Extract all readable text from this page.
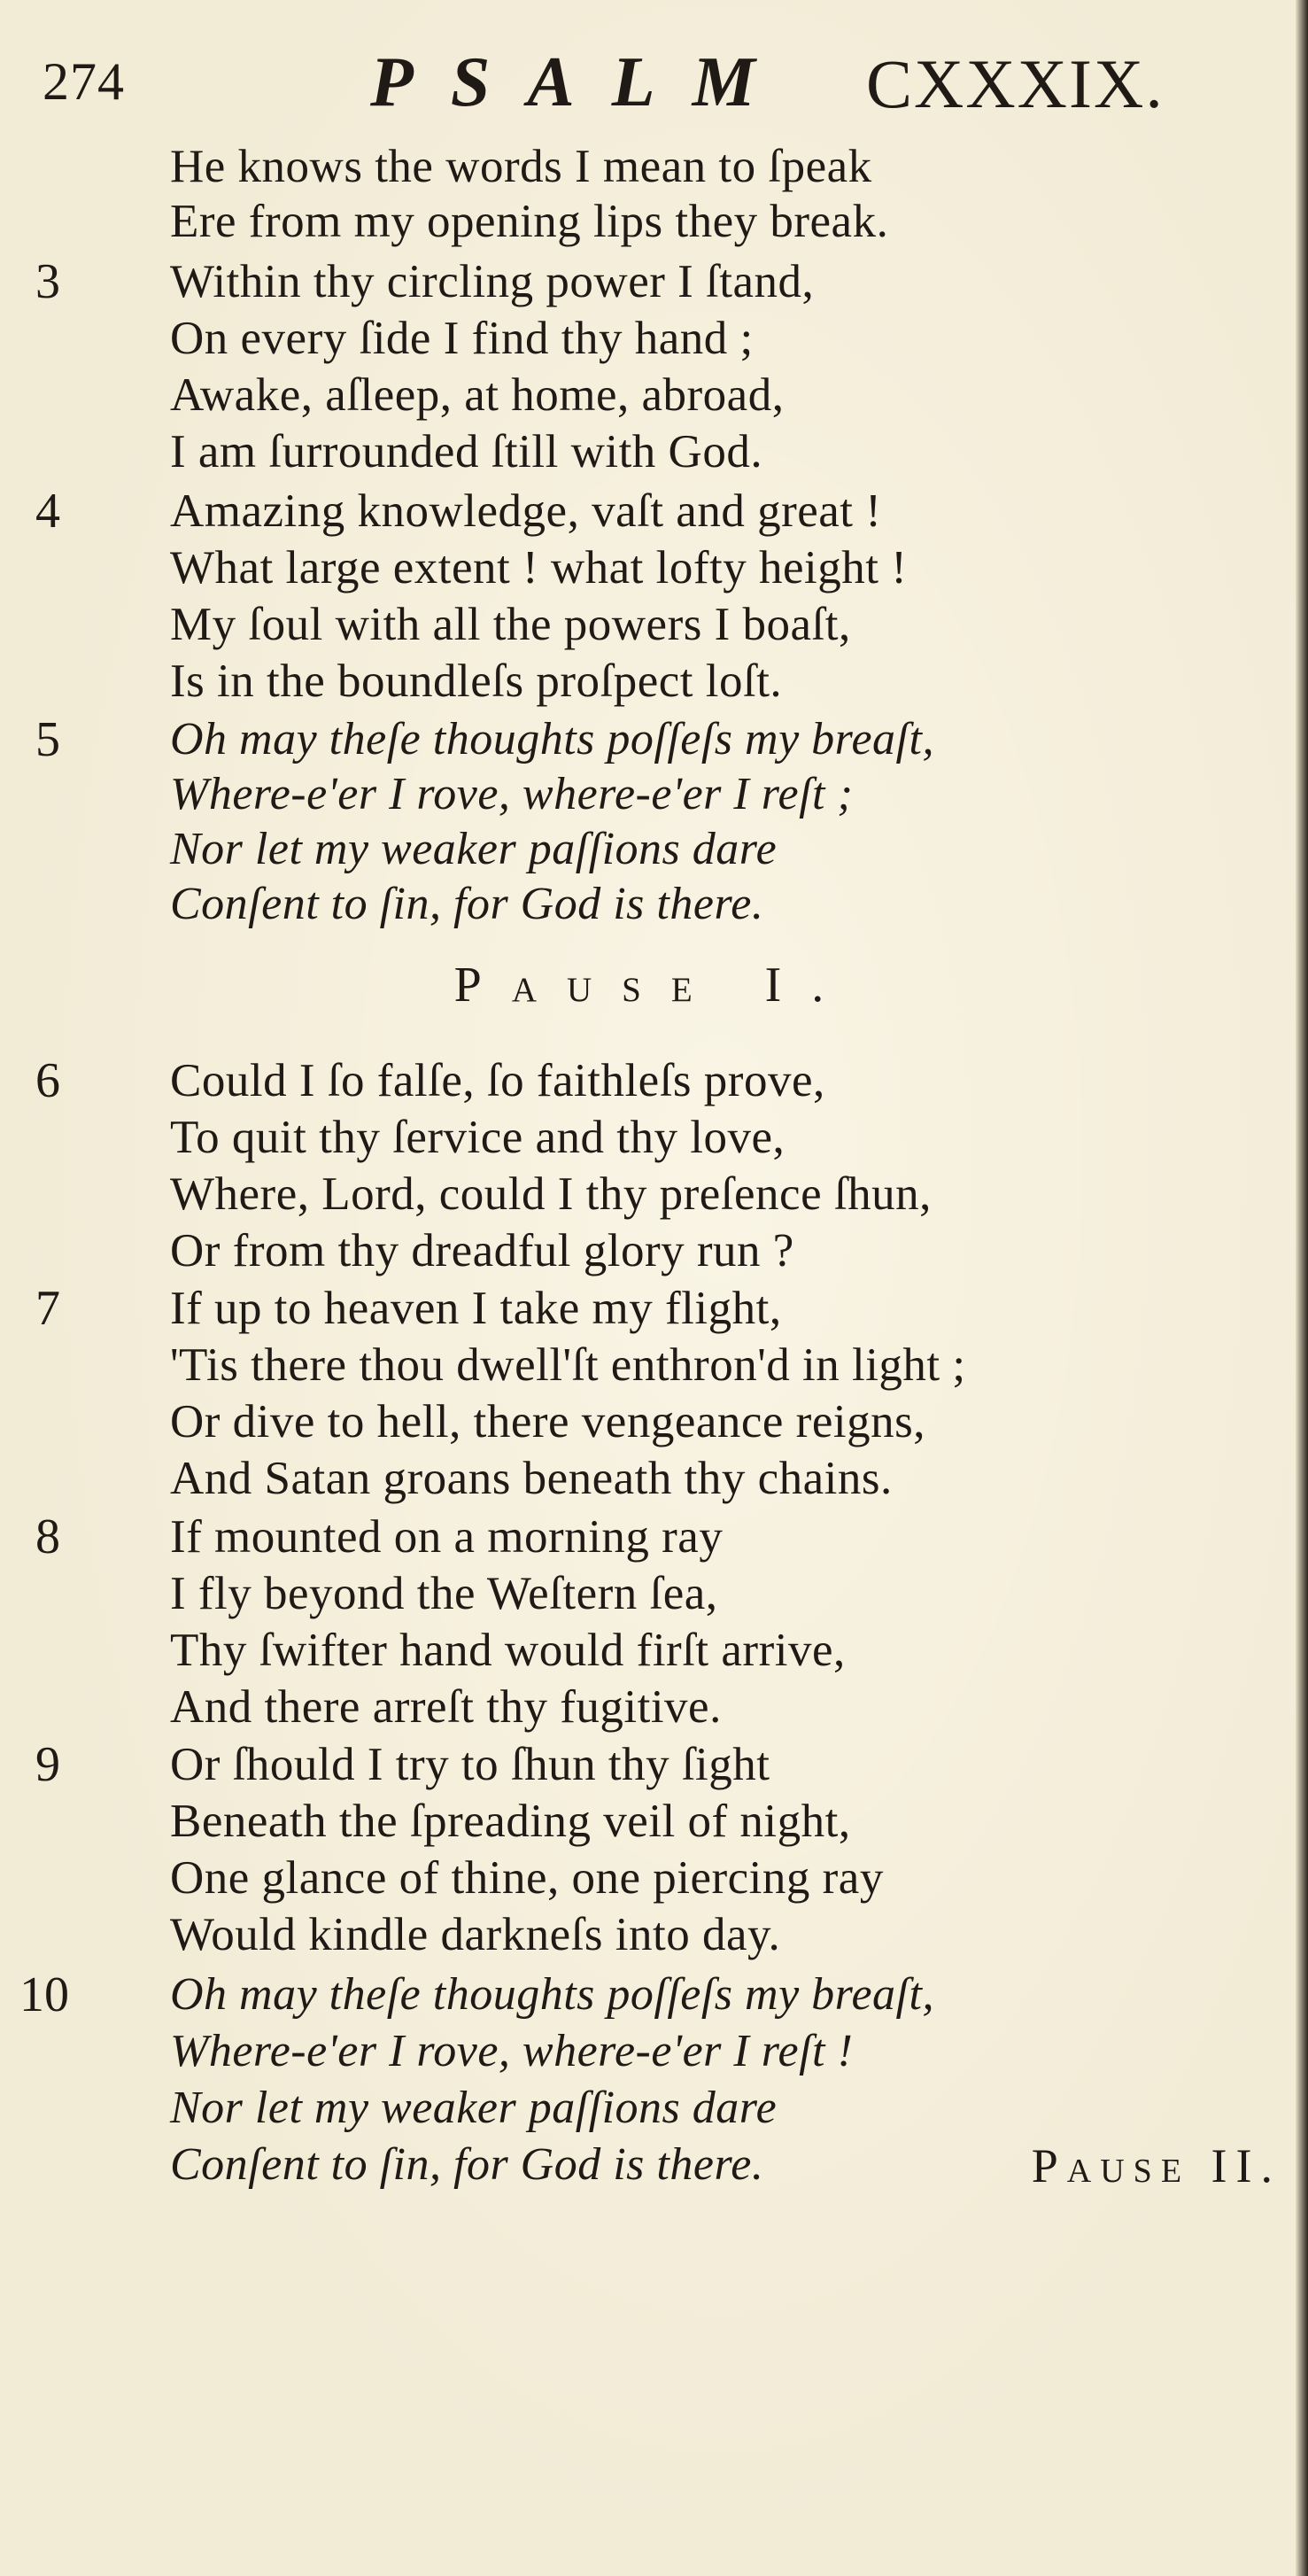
274	PSALM CXXXIX.
He knows the words I mean to ſpeak
Ere from my opening lips they break.
3 Within thy circling power I ſtand,
On every ſide I find thy hand ;
Awake, aſleep, at home, abroad,
I am ſurrounded ſtill with God.
4 Amazing knowledge, vaſt and great !
What large extent ! what lofty height !
My ſoul with all the powers I boaſt,
Is in the boundleſs proſpect loſt.
5 Oh may theſe thoughts poſſeſs my breaſt,
Where-e'er I rove, where-e'er I reſt ;
Nor let my weaker paſſions dare
Conſent to ſin, for God is there.
Pause I.
6 Could I ſo falſe, ſo faithleſs prove,
To quit thy ſervice and thy love,
Where, Lord, could I thy preſence ſhun,
Or from thy dreadful glory run ?
7 If up to heaven I take my flight,
'Tis there thou dwell'ſt enthron'd in light ;
Or dive to hell, there vengeance reigns,
And Satan groans beneath thy chains.
8 If mounted on a morning ray
I fly beyond the Weſtern ſea,
Thy ſwifter hand would firſt arrive,
And there arreſt thy fugitive.
9 Or ſhould I try to ſhun thy ſight
Beneath the ſpreading veil of night,
One glance of thine, one piercing ray
Would kindle darkneſs into day.
10 Oh may theſe thoughts poſſeſs my breaſt,
Where-e'er I rove, where-e'er I reſt !
Nor let my weaker paſſions dare
Conſent to ſin, for God is there.	Pause II.
